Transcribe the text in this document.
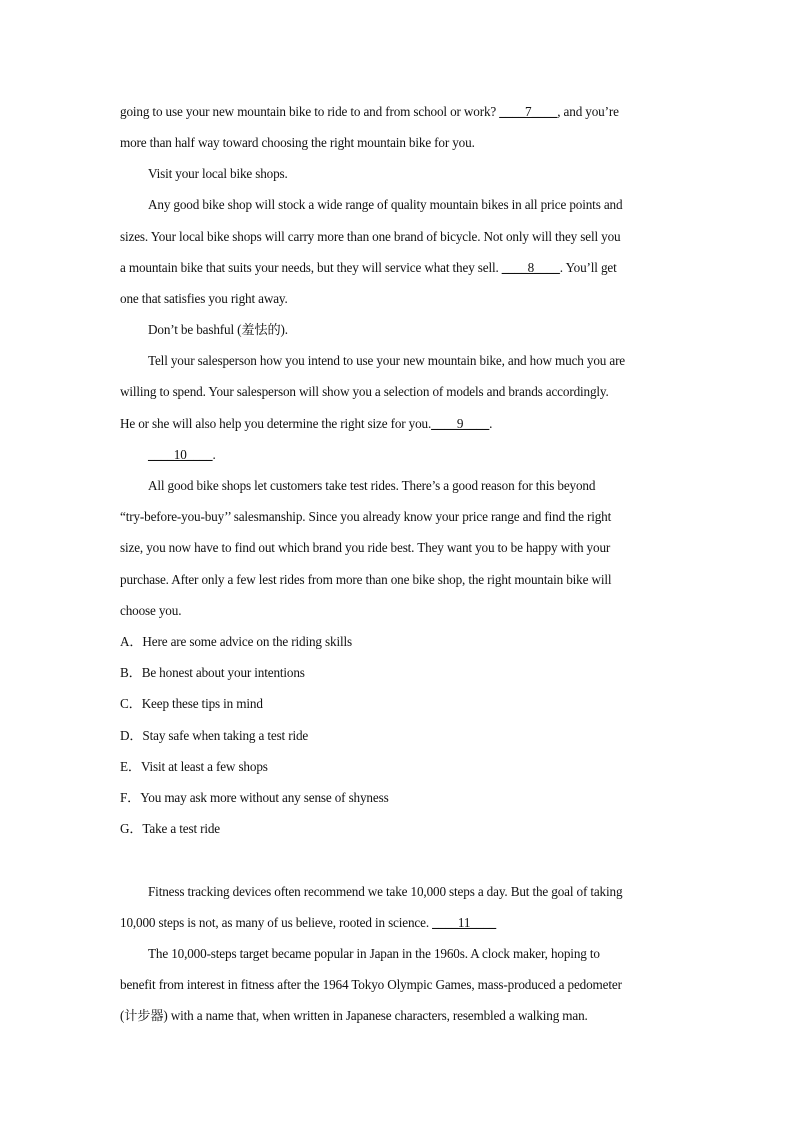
going to use your new mountain bike to ride to and from school or work? ____7____, and you’re
more than half way toward choosing the right mountain bike for you.
Visit your local bike shops.
Any good bike shop will stock a wide range of quality mountain bikes in all price points and
sizes. Your local bike shops will carry more than one brand of bicycle. Not only will they sell you
a mountain bike that suits your needs, but they will service what they sell. ____8____. You’ll get
one that satisfies you right away.
Don’t be bashful (羞怯的).
Tell your salesperson how you intend to use your new mountain bike, and how much you are
willing to spend. Your salesperson will show you a selection of models and brands accordingly.
He or she will also help you determine the right size for you.____9____.
____10____.
All good bike shops let customers take test rides. There’s a good reason for this beyond
“try-before-you-buy’’ salesmanship. Since you already know your price range and find the right
size, you now have to find out which brand you ride best. They want you to be happy with your
purchase. After only a few lest rides from more than one bike shop, the right mountain bike will
choose you.
A．Here are some advice on the riding skills
B．Be honest about your intentions
C．Keep these tips in mind
D．Stay safe when taking a test ride
E．Visit at least a few shops
F．You may ask more without any sense of shyness
G．Take a test ride
Fitness tracking devices often recommend we take 10,000 steps a day. But the goal of taking
10,000 steps is not, as many of us believe, rooted in science. ____11____
The 10,000-steps target became popular in Japan in the 1960s. A clock maker, hoping to
benefit from interest in fitness after the 1964 Tokyo Olympic Games, mass-produced a pedometer
(计步器) with a name that, when written in Japanese characters, resembled a walking man.
